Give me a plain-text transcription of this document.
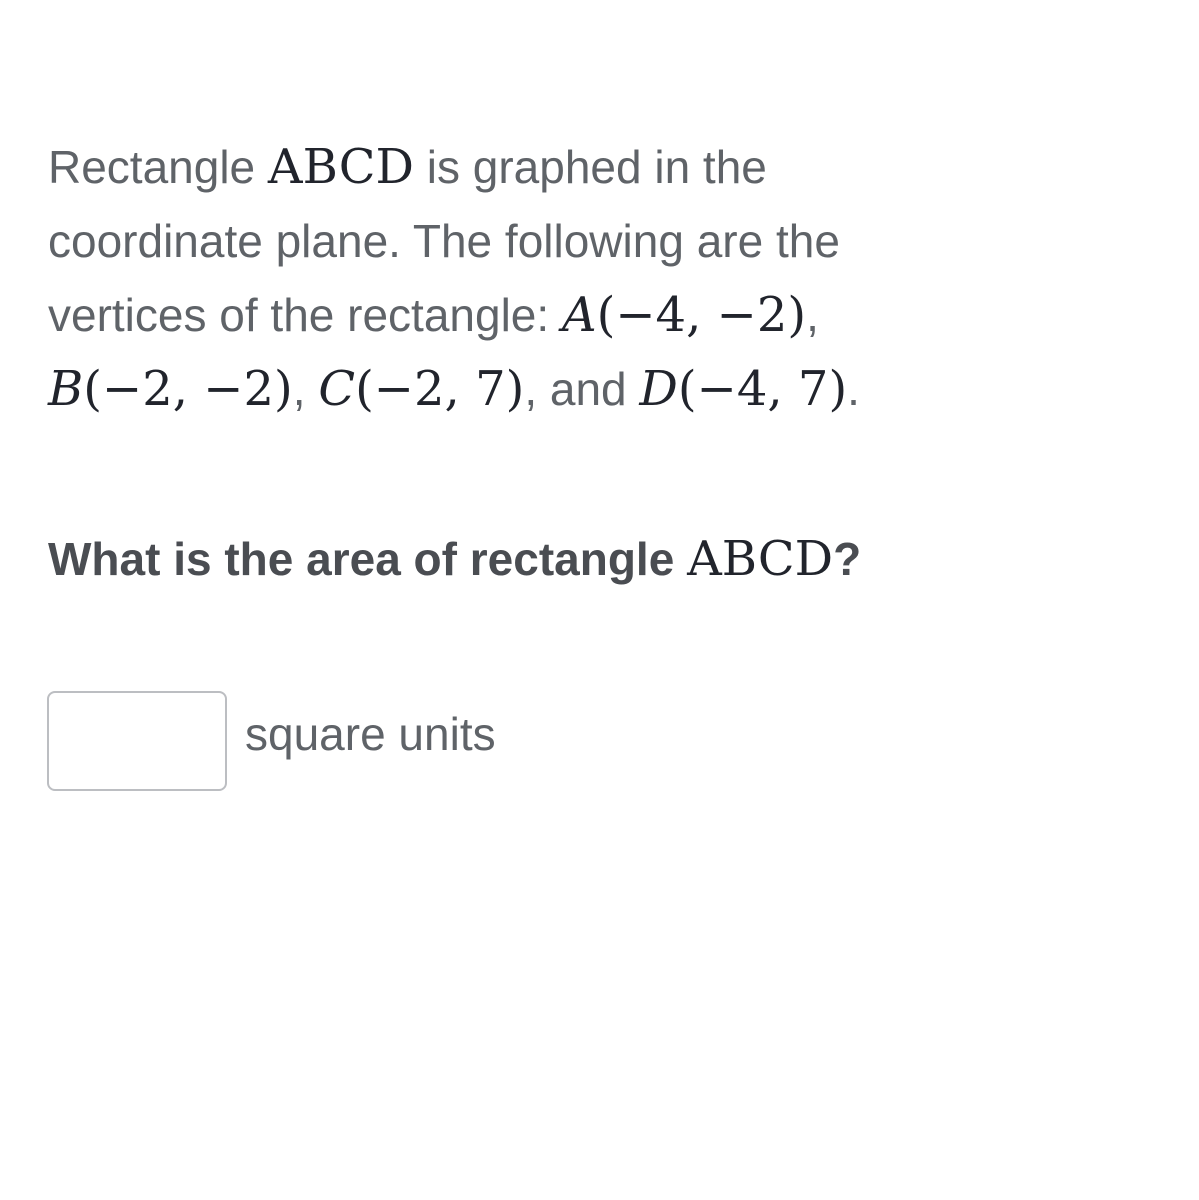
Rectangle ABCD is graphed in the
coordinate plane. The following are the
vertices of the rectangle: A(−4, −2),
B(−2, −2), C(−2, 7), and D(−4, 7).
What is the area of rectangle ABCD?
square units
